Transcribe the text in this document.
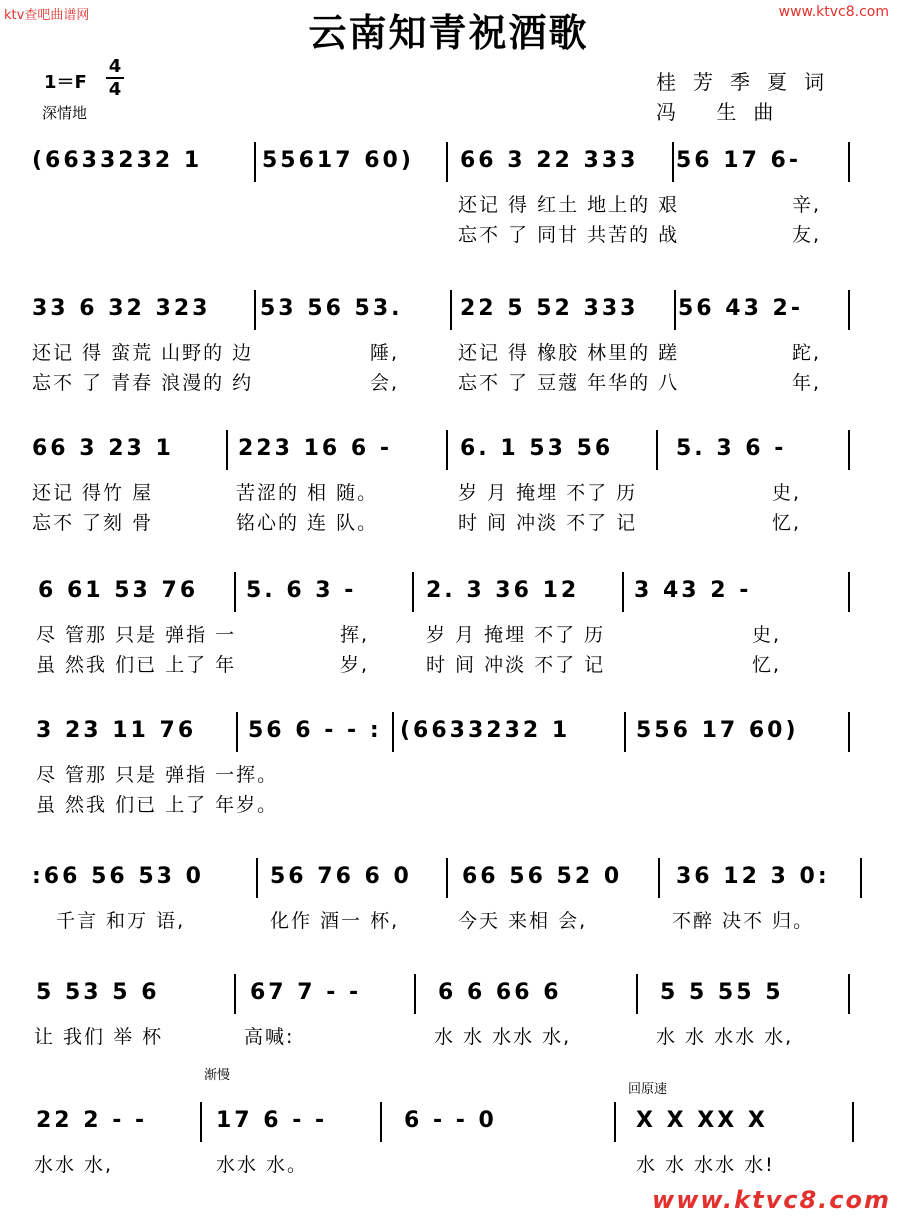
ktv查吧曲谱网	www.ktvc8.com
云南知青祝酒歌
1＝F
4
4
深情地
桂芳季夏词
冯 生曲
(6633232 1	55617 60) 66 3 22 333 56 17 6-
还记 得 红土 地上的 艰	辛,
忘不 了 同甘 共苦的 战	友,
33 6 32 323 53 56 53.	22 5 52 333 56 43 2-
还记 得 蛮荒 山野的 边	陲,	还记 得 橡胶 林里的 蹉	跎,
忘不 了 青春 浪漫的 约	会,	忘不 了 豆蔻 年华的 八	年,
66 3 23 1	223 16 6 -	6. 1 53 56	5. 3 6 -
还记 得竹 屋	苦涩的 相 随。	岁 月 掩埋 不了 历	史,
忘不 了刻 骨	铭心的 连 队。	时 间 冲淡 不了 记	忆,
6 61 53 76 5. 6 3 -	2. 3 36 12 3 43 2 -
尽 管那 只是 弹指 一	挥,	岁 月 掩埋 不了 历	史,
虽 然我 们已 上了 年	岁,	时 间 冲淡 不了 记	忆,
3 23 11 76 56 6 - - : (6633232 1	556 17 60)
尽 管那 只是 弹指 一挥。
虽 然我 们已 上了 年岁。
:66 56 53 0	56 76 6 0 66 56 52 0 36 12 3 0:
千言 和万 语,	化作 酒一 杯,	今天 来相 会,	不醉 决不 归。
5 53 5 6	67 7 - -	6 6 66 6	5 5 55 5
让 我们 举 杯	高喊:	水 水 水水 水,	水 水 水水 水,
22 2 - -	17 6 - -	6 - - 0	X X XX X
水水 水,	水水 水。	水 水 水水 水!
渐慢
回原速
www.ktvc8.com
